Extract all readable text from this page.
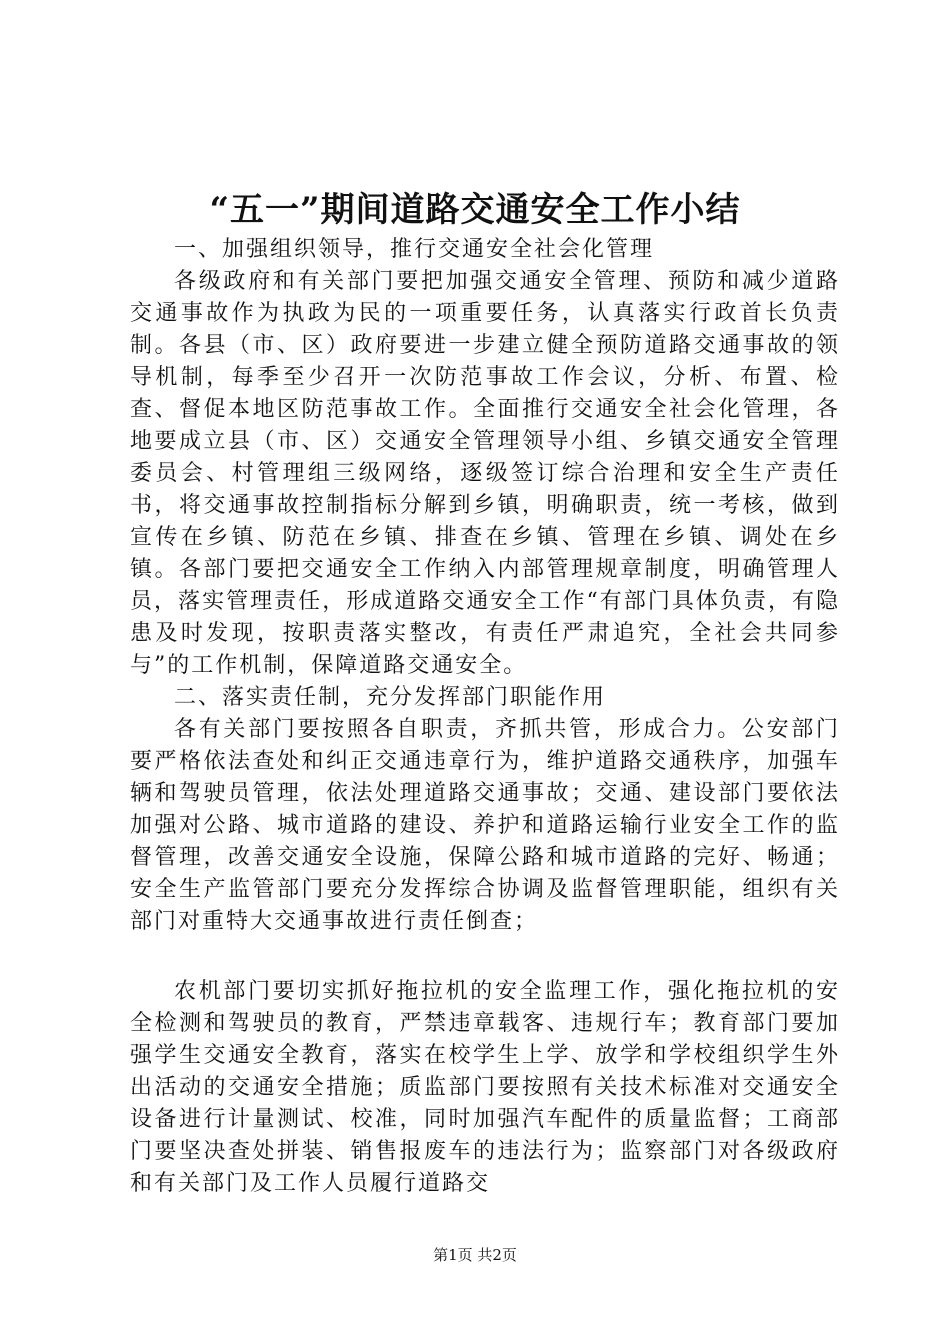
“五一”期间道路交通安全工作小结

一、加强组织领导，推行交通安全社会化管理

各级政府和有关部门要把加强交通安全管理、预防和减少道路交通事故作为执政为民的一项重要任务，认真落实行政首长负责制。各县（市、区）政府要进一步建立健全预防道路交通事故的领导机制，每季至少召开一次防范事故工作会议，分析、布置、检查、督促本地区防范事故工作。全面推行交通安全社会化管理，各地要成立县（市、区）交通安全管理领导小组、乡镇交通安全管理委员会、村管理组三级网络，逐级签订综合治理和安全生产责任书，将交通事故控制指标分解到乡镇，明确职责，统一考核，做到宣传在乡镇、防范在乡镇、排查在乡镇、管理在乡镇、调处在乡镇。各部门要把交通安全工作纳入内部管理规章制度，明确管理人员，落实管理责任，形成道路交通安全工作“有部门具体负责，有隐患及时发现，按职责落实整改，有责任严肃追究，全社会共同参与”的工作机制，保障道路交通安全。

二、落实责任制，充分发挥部门职能作用

各有关部门要按照各自职责，齐抓共管，形成合力。公安部门要严格依法查处和纠正交通违章行为，维护道路交通秩序，加强车辆和驾驶员管理，依法处理道路交通事故；交通、建设部门要依法加强对公路、城市道路的建设、养护和道路运输行业安全工作的监督管理，改善交通安全设施，保障公路和城市道路的完好、畅通；安全生产监管部门要充分发挥综合协调及监督管理职能，组织有关部门对重特大交通事故进行责任倒查；

农机部门要切实抓好拖拉机的安全监理工作，强化拖拉机的安全检测和驾驶员的教育，严禁违章载客、违规行车；教育部门要加强学生交通安全教育，落实在校学生上学、放学和学校组织学生外出活动的交通安全措施；质监部门要按照有关技术标准对交通安全设备进行计量测试、校准，同时加强汽车配件的质量监督；工商部门要坚决查处拼装、销售报废车的违法行为；监察部门对各级政府和有关部门及工作人员履行道路交

第1页 共2页
